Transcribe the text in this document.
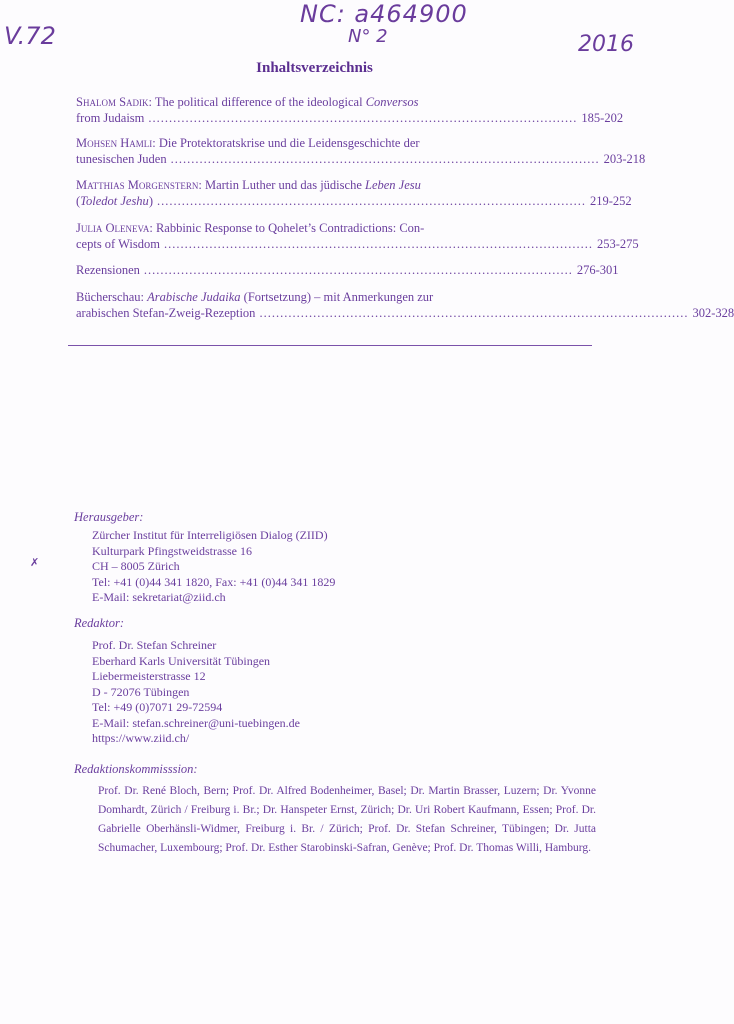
V.72
NC: a464900
N° 2	2016
Inhaltsverzeichnis
Shalom Sadik: The political difference of the ideological Conversos
from Judaism ........................................................................................................ 185-202
Mohsen Hamli: Die Protektoratskrise und die Leidensgeschichte der
tunesischen Juden ........................................................................................................ 203-218
Matthias Morgenstern: Martin Luther und das jüdische Leben Jesu
(Toledot Jeshu) ........................................................................................................ 219-252
Julia Oleneva: Rabbinic Response to Qohelet’s Contradictions: Con-
cepts of Wisdom ........................................................................................................ 253-275
Rezensionen ........................................................................................................ 276-301
Bücherschau: Arabische Judaika (Fortsetzung) – mit Anmerkungen zur
arabischen Stefan-Zweig-Rezeption ........................................................................................................ 302-328
Herausgeber:
Zürcher Institut für Interreligiösen Dialog (ZIID)
Kulturpark Pfingstweidstrasse 16
CH – 8005 Zürich
Tel: +41 (0)44 341 1820, Fax: +41 (0)44 341 1829
E-Mail: sekretariat@ziid.ch
Redaktor:
Prof. Dr. Stefan Schreiner
Eberhard Karls Universität Tübingen
Liebermeisterstrasse 12
D - 72076 Tübingen
Tel: +49 (0)7071 29-72594
E-Mail: stefan.schreiner@uni-tuebingen.de
https://www.ziid.ch/
Redaktionskommisssion:
Prof. Dr. René Bloch, Bern; Prof. Dr. Alfred Bodenheimer, Basel; Dr. Martin Brasser, Luzern; Dr. Yvonne Domhardt, Zürich / Freiburg i. Br.; Dr. Hanspeter Ernst, Zürich; Dr. Uri Robert Kaufmann, Essen; Prof. Dr. Gabrielle Oberhänsli-Widmer, Freiburg i. Br. / Zürich; Prof. Dr. Stefan Schreiner, Tübingen; Dr. Jutta Schumacher, Luxembourg; Prof. Dr. Esther Starobinski-Safran, Genève; Prof. Dr. Thomas Willi, Hamburg.
✗
